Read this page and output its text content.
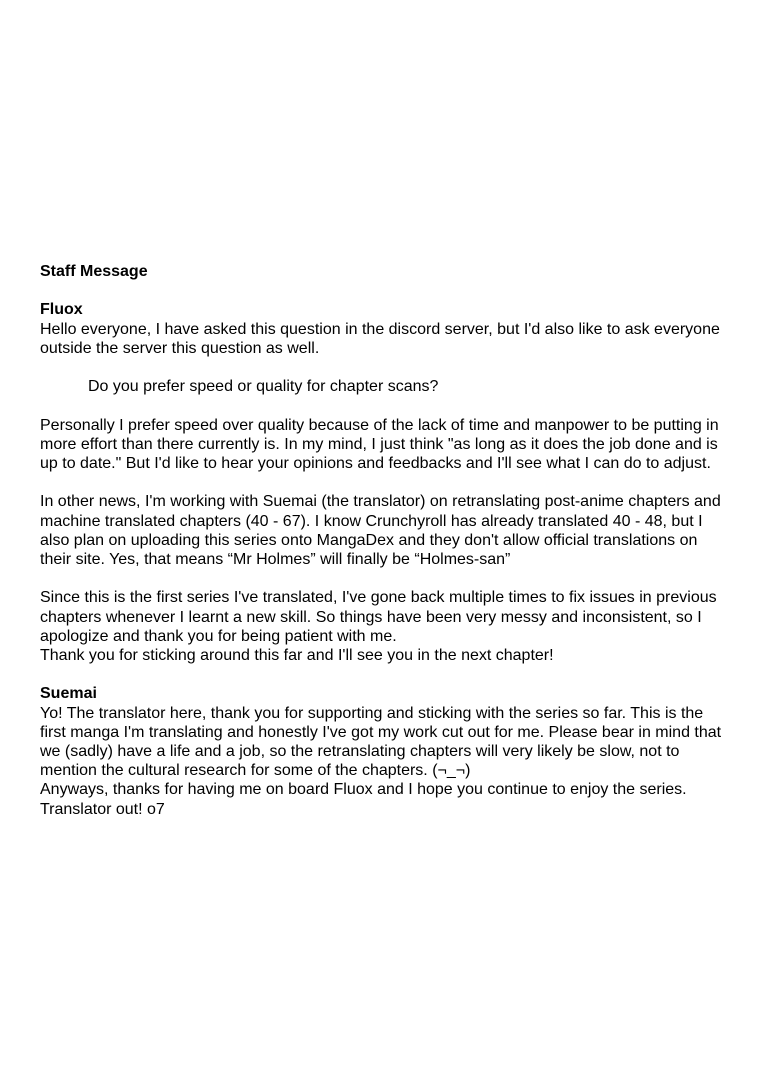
Staff Message
Fluox
Hello everyone, I have asked this question in the discord server, but I'd also like to ask everyone
outside the server this question as well.
Do you prefer speed or quality for chapter scans?
Personally I prefer speed over quality because of the lack of time and manpower to be putting in
more effort than there currently is. In my mind, I just think "as long as it does the job done and is
up to date." But I'd like to hear your opinions and feedbacks and I'll see what I can do to adjust.
In other news, I'm working with Suemai (the translator) on retranslating post-anime chapters and
machine translated chapters (40 - 67). I know Crunchyroll has already translated 40 - 48, but I
also plan on uploading this series onto MangaDex and they don't allow official translations on
their site. Yes, that means “Mr Holmes” will finally be “Holmes-san”
Since this is the first series I've translated, I've gone back multiple times to fix issues in previous
chapters whenever I learnt a new skill. So things have been very messy and inconsistent, so I
apologize and thank you for being patient with me.
Thank you for sticking around this far and I'll see you in the next chapter!
Suemai
Yo! The translator here, thank you for supporting and sticking with the series so far. This is the
first manga I'm translating and honestly I've got my work cut out for me. Please bear in mind that
we (sadly) have a life and a job, so the retranslating chapters will very likely be slow, not to
mention the cultural research for some of the chapters. (¬_¬)
Anyways, thanks for having me on board Fluox and I hope you continue to enjoy the series.
Translator out! o7
